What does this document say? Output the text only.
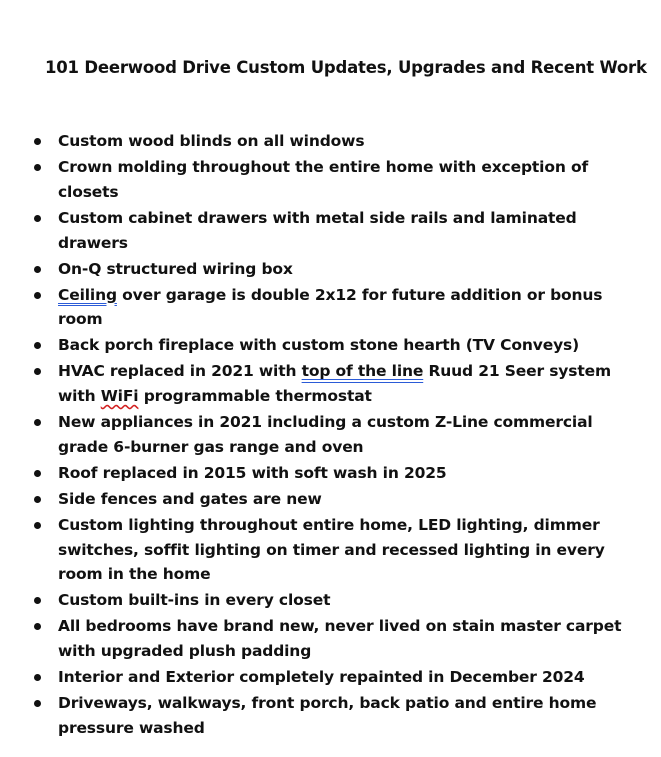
101 Deerwood Drive Custom Updates, Upgrades and Recent Work
Custom wood blinds on all windows
Crown molding throughout the entire home with exception of closets
Custom cabinet drawers with metal side rails and laminated drawers
On-Q structured wiring box
Ceiling over garage is double 2x12 for future addition or bonus room
Back porch fireplace with custom stone hearth (TV Conveys)
HVAC replaced in 2021 with top of the line Ruud 21 Seer system with WiFi programmable thermostat
New appliances in 2021 including a custom Z-Line commercial grade 6-burner gas range and oven
Roof replaced in 2015 with soft wash in 2025
Side fences and gates are new
Custom lighting throughout entire home, LED lighting, dimmer switches, soffit lighting on timer and recessed lighting in every room in the home
Custom built-ins in every closet
All bedrooms have brand new, never lived on stain master carpet with upgraded plush padding
Interior and Exterior completely repainted in December 2024
Driveways, walkways, front porch, back patio and entire home pressure washed
